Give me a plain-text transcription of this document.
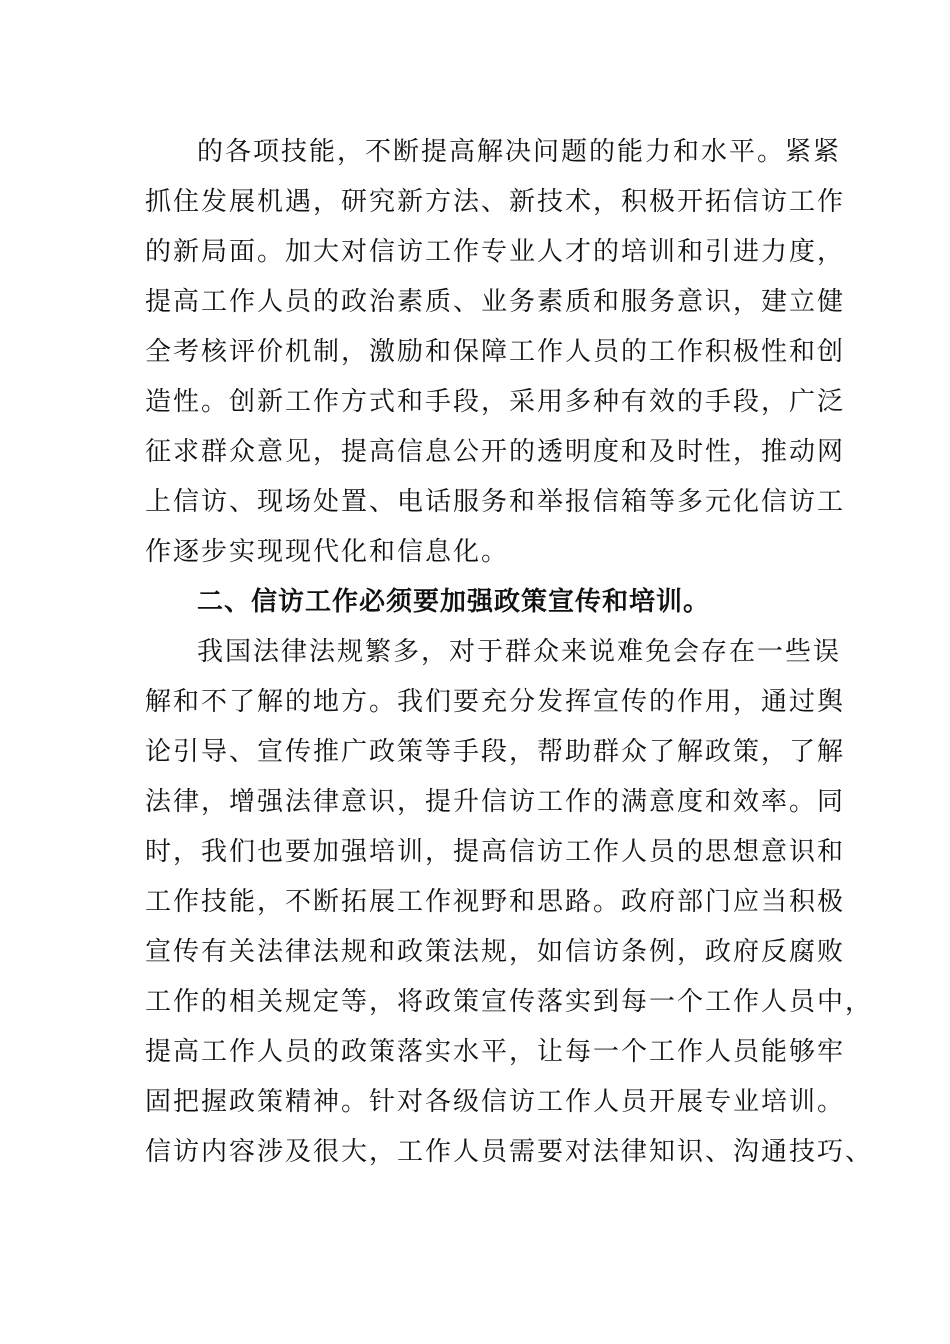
的各项技能，不断提高解决问题的能力和水平。紧紧
抓住发展机遇，研究新方法、新技术，积极开拓信访工作
的新局面。加大对信访工作专业人才的培训和引进力度，
提高工作人员的政治素质、业务素质和服务意识，建立健
全考核评价机制，激励和保障工作人员的工作积极性和创
造性。创新工作方式和手段，采用多种有效的手段，广泛
征求群众意见，提高信息公开的透明度和及时性，推动网
上信访、现场处置、电话服务和举报信箱等多元化信访工
作逐步实现现代化和信息化。
二、信访工作必须要加强政策宣传和培训。
我国法律法规繁多，对于群众来说难免会存在一些误
解和不了解的地方。我们要充分发挥宣传的作用，通过舆
论引导、宣传推广政策等手段，帮助群众了解政策，了解
法律，增强法律意识，提升信访工作的满意度和效率。同
时，我们也要加强培训，提高信访工作人员的思想意识和
工作技能，不断拓展工作视野和思路。政府部门应当积极
宣传有关法律法规和政策法规，如信访条例，政府反腐败
工作的相关规定等，将政策宣传落实到每一个工作人员中，
提高工作人员的政策落实水平，让每一个工作人员能够牢
固把握政策精神。针对各级信访工作人员开展专业培训。
信访内容涉及很大，工作人员需要对法律知识、沟通技巧、
